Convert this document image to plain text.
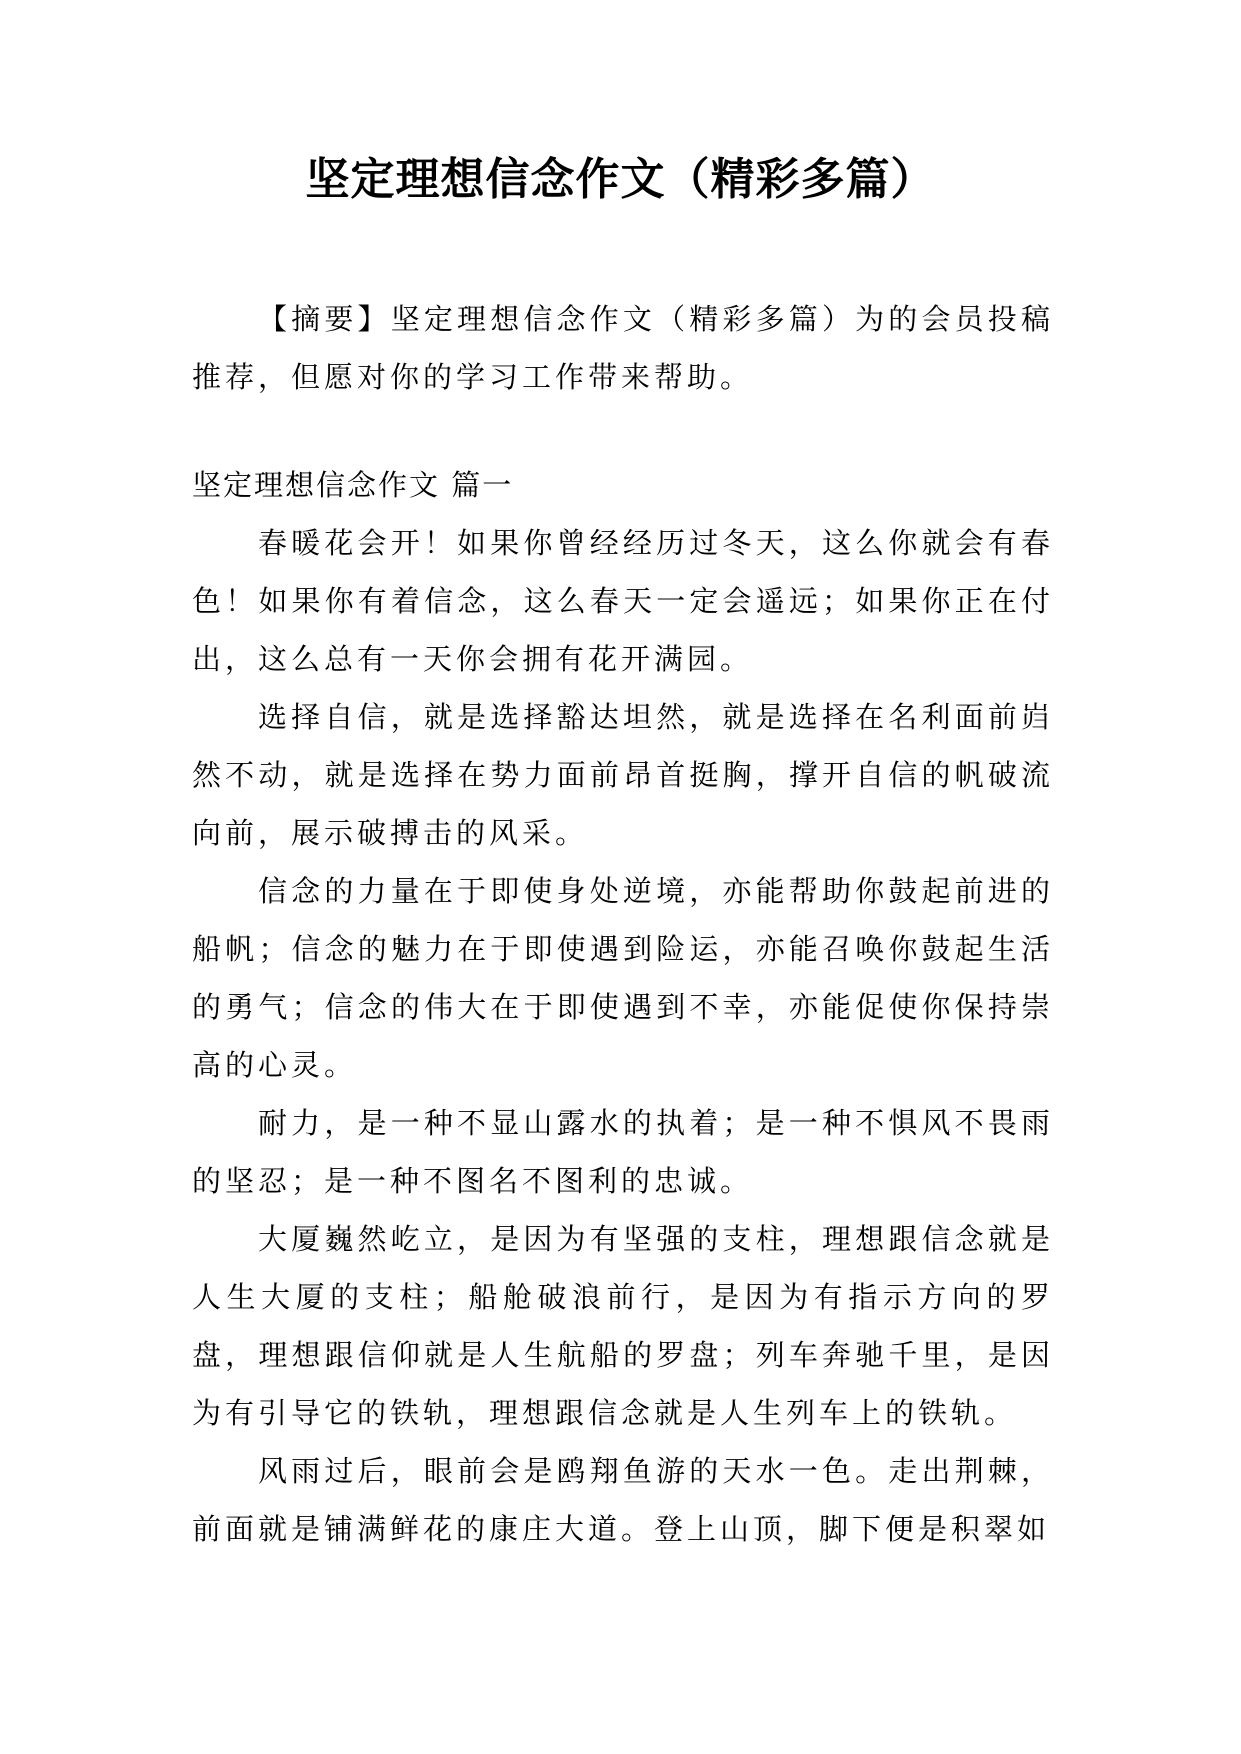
坚定理想信念作文（精彩多篇）

【摘要】坚定理想信念作文（精彩多篇）为的会员投稿推荐，但愿对你的学习工作带来帮助。

坚定理想信念作文 篇一

春暖花会开！如果你曾经经历过冬天，这么你就会有春色！如果你有着信念，这么春天一定会遥远；如果你正在付出，这么总有一天你会拥有花开满园。

选择自信，就是选择豁达坦然，就是选择在名利面前岿然不动，就是选择在势力面前昂首挺胸，撑开自信的帆破流向前，展示破搏击的风采。

信念的力量在于即使身处逆境，亦能帮助你鼓起前进的船帆；信念的魅力在于即使遇到险运，亦能召唤你鼓起生活的勇气；信念的伟大在于即使遇到不幸，亦能促使你保持崇高的心灵。

耐力，是一种不显山露水的执着；是一种不惧风不畏雨的坚忍；是一种不图名不图利的忠诚。

大厦巍然屹立，是因为有坚强的支柱，理想跟信念就是人生大厦的支柱；船舱破浪前行，是因为有指示方向的罗盘，理想跟信仰就是人生航船的罗盘；列车奔驰千里，是因为有引导它的铁轨，理想跟信念就是人生列车上的铁轨。

风雨过后，眼前会是鸥翔鱼游的天水一色。走出荆棘，前面就是铺满鲜花的康庄大道。登上山顶，脚下便是积翠如
